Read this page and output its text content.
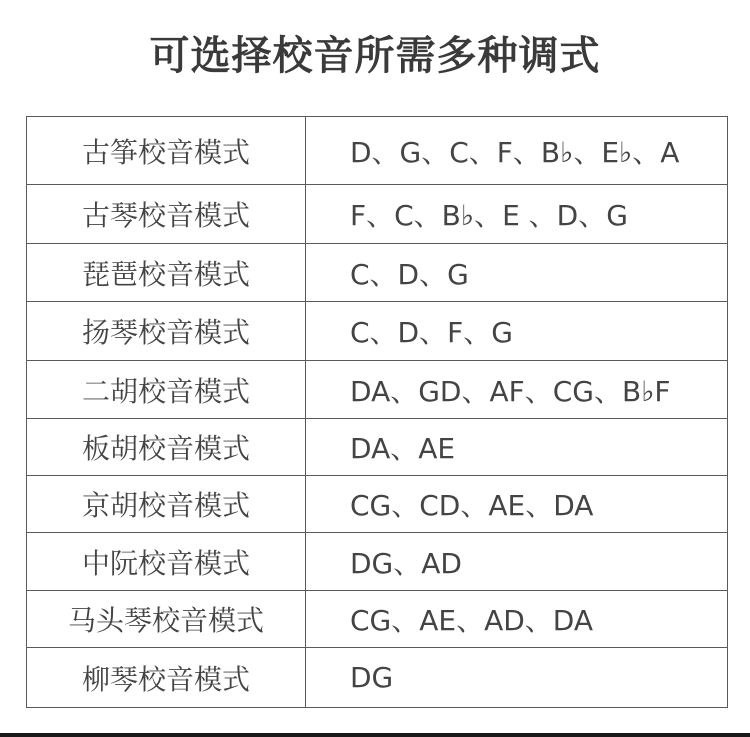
可选择校音所需多种调式
古筝校音模式	D、G、C、F、B♭、E♭、A
古琴校音模式	F、C、B♭、E 、D、G
琵琶校音模式	C、D、G
扬琴校音模式	C、D、F、G
二胡校音模式	DA、GD、AF、CG、B♭F
板胡校音模式	DA、AE
京胡校音模式	CG、CD、AE、DA
中阮校音模式	DG、AD
马头琴校音模式	CG、AE、AD、DA
柳琴校音模式	DG
